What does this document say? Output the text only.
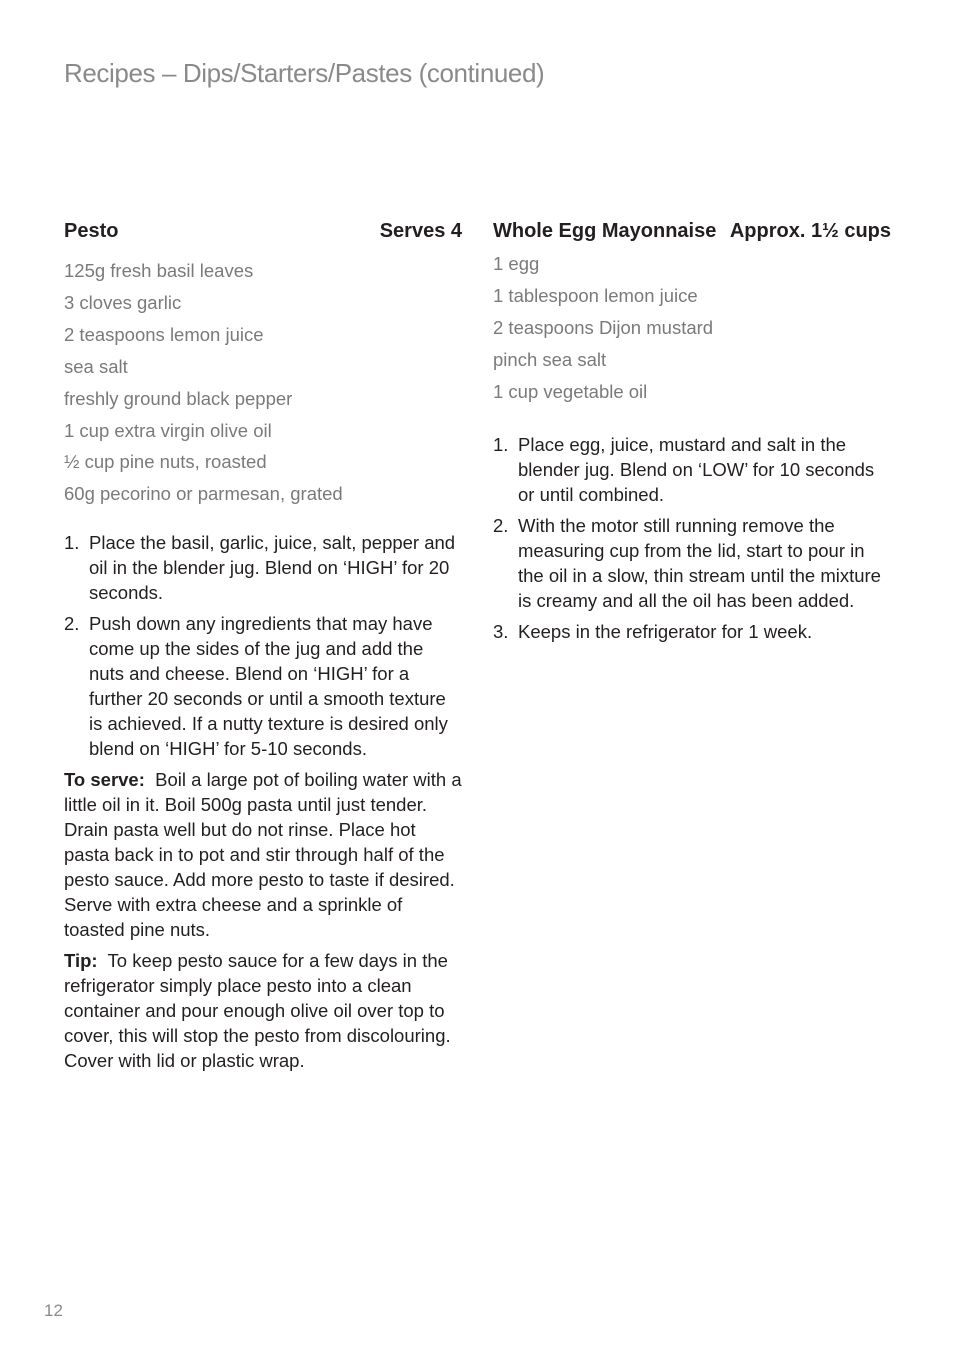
Recipes – Dips/Starters/Pastes (continued)
Pesto	Serves 4
125g fresh basil leaves
3 cloves garlic
2 teaspoons lemon juice
sea salt
freshly ground black pepper
1 cup extra virgin olive oil
½ cup pine nuts, roasted
60g pecorino or parmesan, grated
1. Place the basil, garlic, juice, salt, pepper and oil in the blender jug. Blend on ‘HIGH’ for 20 seconds.
2. Push down any ingredients that may have come up the sides of the jug and add the nuts and cheese. Blend on ‘HIGH’ for a further 20 seconds or until a smooth texture is achieved. If a nutty texture is desired only blend on ‘HIGH’ for 5-10 seconds.

To serve: Boil a large pot of boiling water with a little oil in it. Boil 500g pasta until just tender. Drain pasta well but do not rinse. Place hot pasta back in to pot and stir through half of the pesto sauce. Add more pesto to taste if desired. Serve with extra cheese and a sprinkle of toasted pine nuts.

Tip: To keep pesto sauce for a few days in the refrigerator simply place pesto into a clean container and pour enough olive oil over top to cover, this will stop the pesto from discolouring. Cover with lid or plastic wrap.

Whole Egg Mayonnaise Approx. 1½ cups
1 egg
1 tablespoon lemon juice
2 teaspoons Dijon mustard
pinch sea salt
1 cup vegetable oil
1. Place egg, juice, mustard and salt in the blender jug. Blend on ‘LOW’ for 10 seconds or until combined.
2. With the motor still running remove the measuring cup from the lid, start to pour in the oil in a slow, thin stream until the mixture is creamy and all the oil has been added.
3. Keeps in the refrigerator for 1 week.
12
